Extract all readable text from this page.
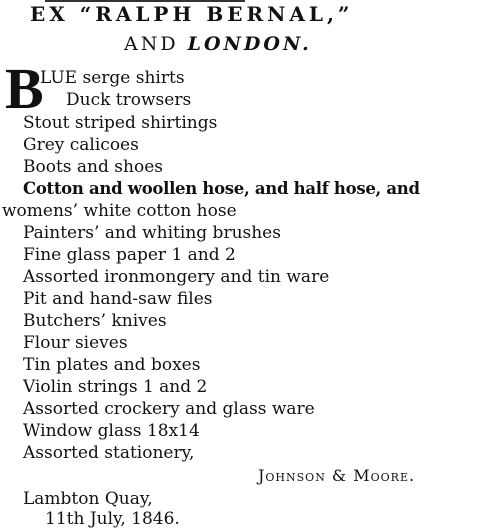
EX “RALPH BERNAL,”
AND LONDON.
B
LUE serge shirts
Duck trowsers
Stout striped shirtings
Grey calicoes
Boots and shoes
Cotton and woollen hose, and half hose, and
womens’ white cotton hose
Painters’ and whiting brushes
Fine glass paper 1 and 2
Assorted ironmongery and tin ware
Pit and hand-saw files
Butchers’ knives
Flour sieves
Tin plates and boxes
Violin strings 1 and 2
Assorted crockery and glass ware
Window glass 18x14
Assorted stationery,
Johnson & Moore.
Lambton Quay,
11th July, 1846.
